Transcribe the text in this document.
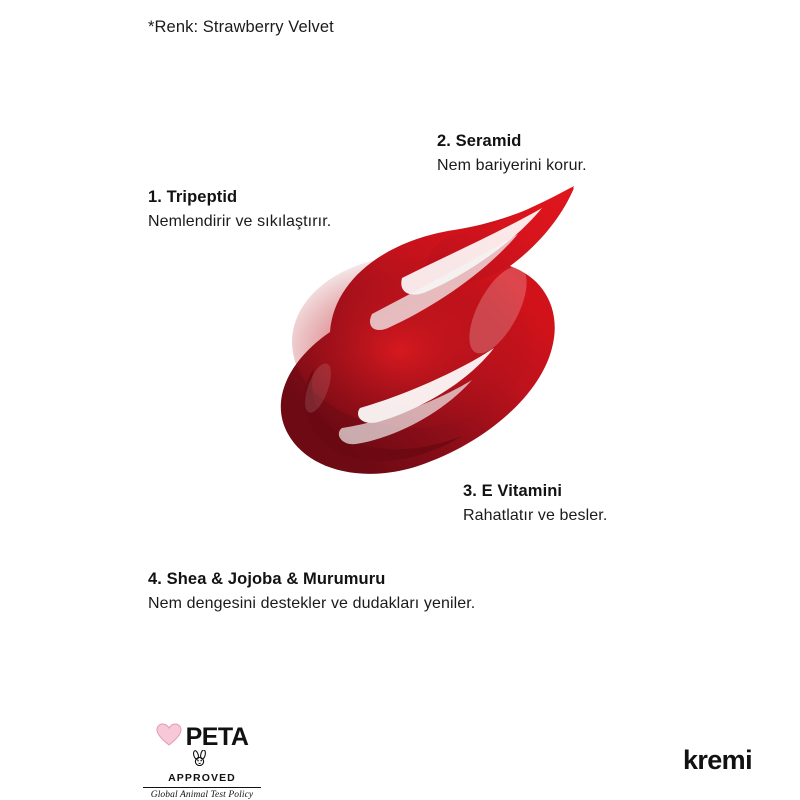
*Renk: Strawberry Velvet

1. Tripeptid

Nemlendirir ve sıkılaştırır.

2. Seramid

Nem bariyerini korur.

3. E Vitamini

Rahatlatır ve besler.

4. Shea & Jojoba & Murumuru

Nem dengesini destekler ve dudakları yeniler.

PETA
APPROVED
Global Animal Test Policy
kremi
